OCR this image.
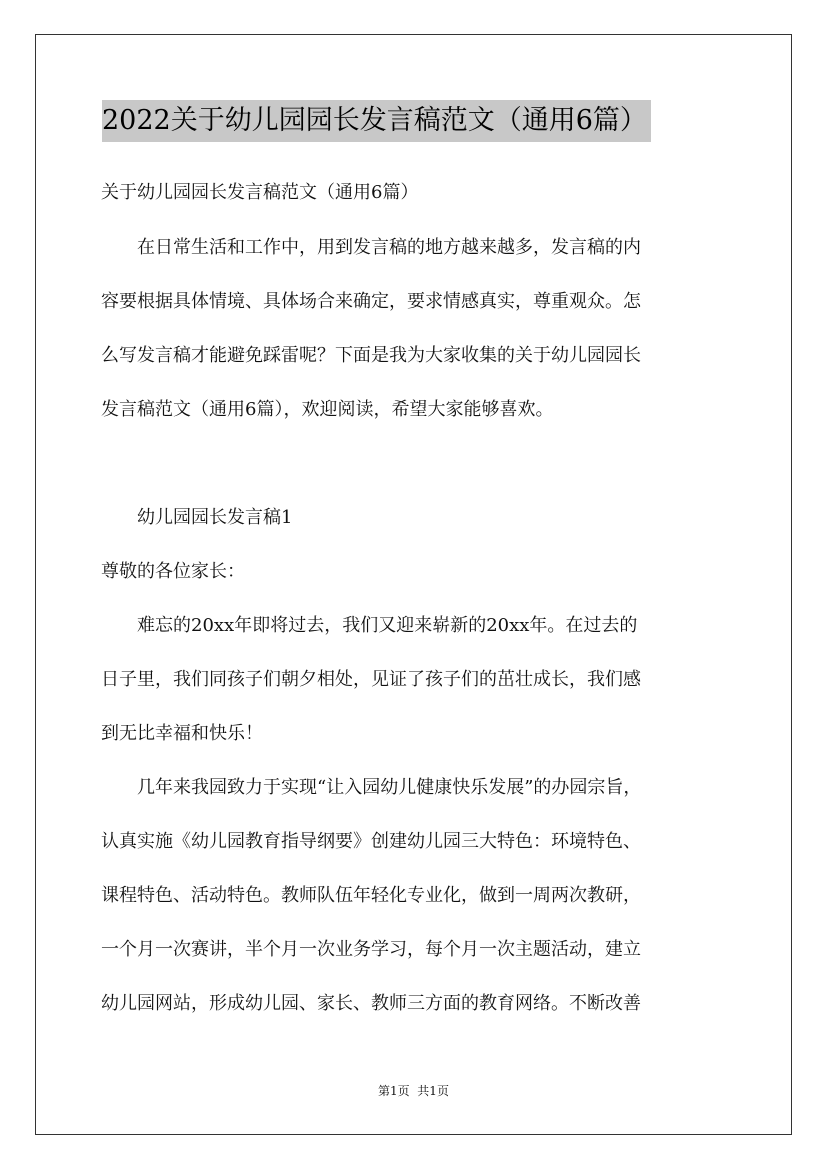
2022关于幼儿园园长发言稿范文（通用6篇）
关于幼儿园园长发言稿范文（通用6篇）
　　在日常生活和工作中，用到发言稿的地方越来越多，发言稿的内
容要根据具体情境、具体场合来确定，要求情感真实，尊重观众。怎
么写发言稿才能避免踩雷呢？下面是我为大家收集的关于幼儿园园长
发言稿范文（通用6篇），欢迎阅读，希望大家能够喜欢。
　　幼儿园园长发言稿1
尊敬的各位家长：
　　难忘的20xx年即将过去，我们又迎来崭新的20xx年。在过去的
日子里，我们同孩子们朝夕相处，见证了孩子们的茁壮成长，我们感
到无比幸福和快乐！
　　几年来我园致力于实现“让入园幼儿健康快乐发展”的办园宗旨，
认真实施《幼儿园教育指导纲要》创建幼儿园三大特色：环境特色、
课程特色、活动特色。教师队伍年轻化专业化，做到一周两次教研，
一个月一次赛讲，半个月一次业务学习，每个月一次主题活动，建立
幼儿园网站，形成幼儿园、家长、教师三方面的教育网络。不断改善
第1页  共1页
